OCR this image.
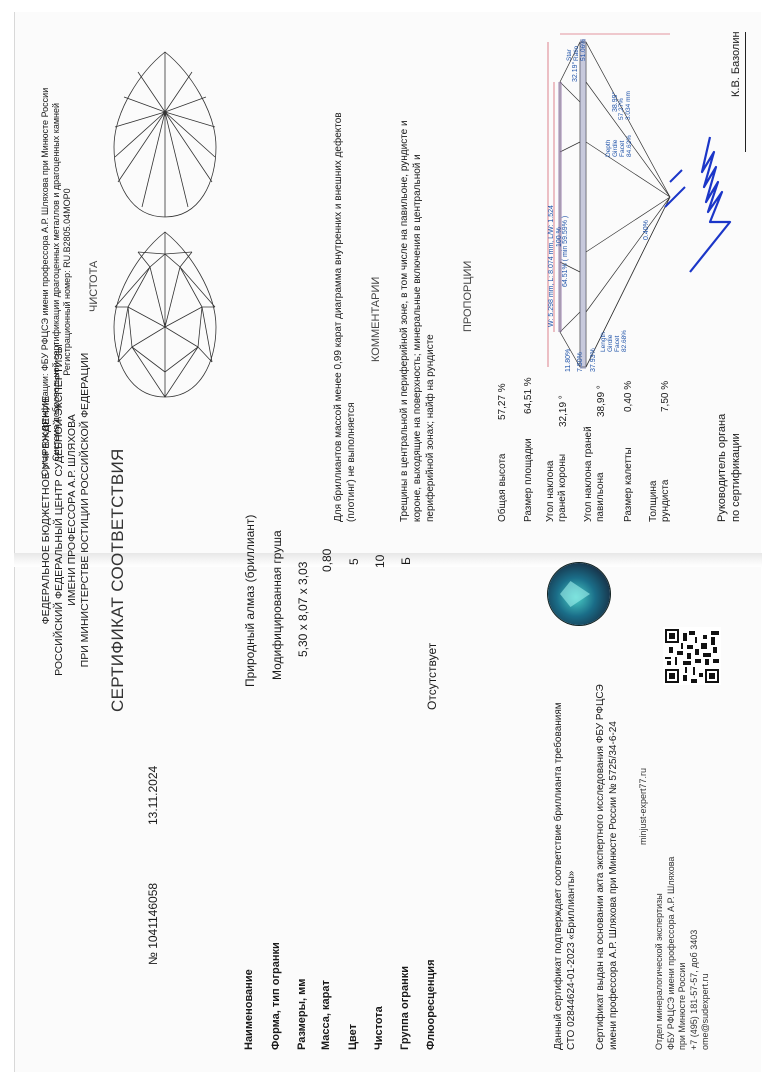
ФЕДЕРАЛЬНОЕ БЮДЖЕТНОЕ УЧРЕЖДЕНИЕ РОССИЙСКИЙ ФЕДЕРАЛЬНЫЙ ЦЕНТР СУДЕБНОЙ ЭКСПЕРТИЗЫ ИМЕНИ ПРОФЕССОРА А.Р. ШЛЯХОВА ПРИ МИНИСТЕРСТВЕ ЮСТИЦИИ РОССИЙСКОЙ ФЕДЕРАЦИИ СЕРТИФИКАТ СООТВЕТСТВИЯ
№ 1041146058
13.11.2024
Наименование
Природный алмаз (бриллиант)
Форма, тип огранки
Модифицированная груша
Размеры, мм
5,30 x 8,07 x 3,03
Масса, карат
0,80
Цвет
5
Чистота
10
Группа огранки
Б
Флюоресценция
Отсутствует
Данный сертификат подтверждает соответствие бриллианта требованиям СТО 02844624-01-2023 «Бриллианты» Сертификат выдан на основании акта экспертного исследования ФБУ РФЦСЭ имени профессора А.Р. Шляхова при Минюсте России № 5725/34-6-24 minjust-expert77.ru
Отдел минералогической экспертизы ФБУ РФЦСЭ имени профессора А.Р. Шляхова при Минюсте России +7 (495) 181-57-57, доб 3403 ome@sudexpert.ru
Орган по сертификации: ФБУ РФЦСЭ имени профессора А.Р. Шляхова при Минюсте России Система добровольной сертификации драгоценных металлов и драгоценных камней Регистрационный номер: RU.B2805.04МОР0 ЧИСТОТА	Для бриллиантов массой менее 0,99 карат диаграмма внутренних и внешних дефектов (плотинг) не выполняется
КОММЕНТАРИИ Трещины в центральной и периферийной зоне, в том числе на павильоне, рундисте и короне, выходящие на поверхность; минеральные включения в центральной и периферийной зонах; найф на рундисте
ПРОПОРЦИИ
Общая высота
57,27 %
Размер площадки
64,51 %
Угол наклона граней короны
32,19 °
Угол наклона граней павильона
38,99 °
Размер калетты
0,40 %
Толщина рундиста
7,50 %
W: 5.298 mm, L: 8.074 mm, L/W: 1.524 100 % 64.51% ( min 59.59% )
32.19°
Star Ratio 51.06%
38.99°
Depth Girdle Facet 84.62%
57.27% 3.034 mm
11.80% 7.50% 37.93%
Length Girdle Facet 82.68%
0.40%
Руководитель органа по сертификации
К.В. Базолин
